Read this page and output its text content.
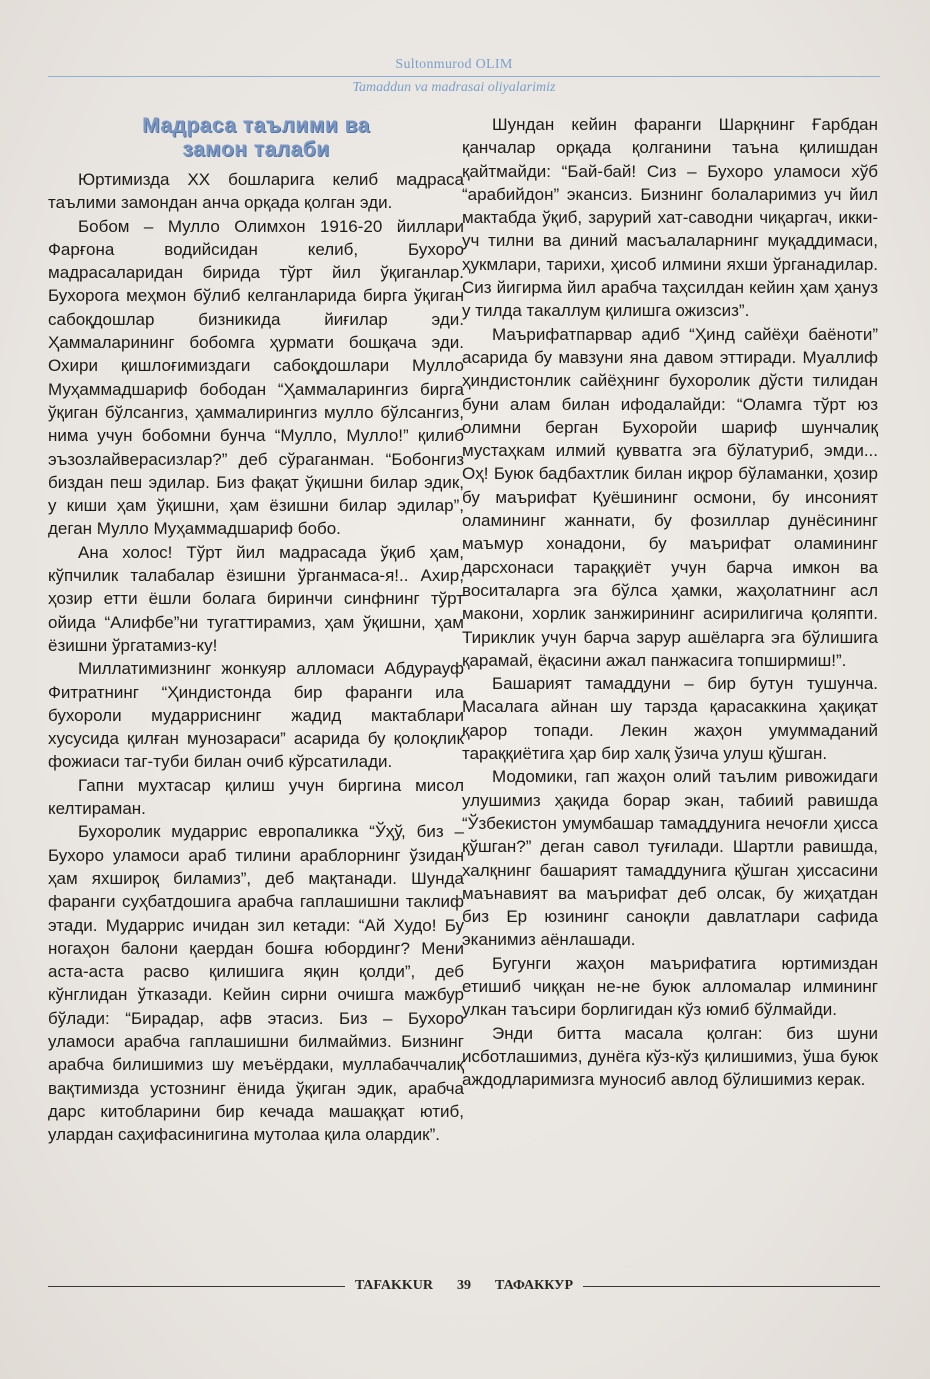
Sultonmurod OLIM
Tamaddun va madrasai oliyalarimiz
Мадраса таълими ва
замон талаби

Юртимизда XX бошларига келиб мадраса таълими замондан анча орқада қолган эди.

Бобом – Мулло Олимхон 1916-20 йиллари Фарғона водийсидан келиб, Бухоро мадрасаларидан бирида тўрт йил ўқиганлар. Бухорога меҳмон бўлиб келганларида бирга ўқиган сабоқдошлар бизникида йиғилар эди. Ҳаммаларининг бобомга ҳурмати бошқача эди. Охири қишлоғимиздаги сабоқдошлари Мулло Муҳаммадшариф бободан “Ҳаммаларингиз бирга ўқиган бўлсангиз, ҳаммалирингиз мулло бўлсангиз, нима учун бобомни бунча “Мулло, Мулло!” қилиб эъзозлайверасизлар?” деб сўраганман. “Бобонгиз биздан пеш эдилар. Биз фақат ўқишни билар эдик, у киши ҳам ўқишни, ҳам ёзишни билар эдилар”, деган Мулло Муҳаммадшариф бобо.

Ана холос! Тўрт йил мадрасада ўқиб ҳам, кўпчилик талабалар ёзишни ўрганмаса-я!.. Ахир, ҳозир етти ёшли болага биринчи синфнинг тўрт ойида “Алифбе”ни тугаттирамиз, ҳам ўқишни, ҳам ёзишни ўргатамиз-ку!

Миллатимизнинг жонкуяр алломаси Абдурауф Фитратнинг “Ҳиндистонда бир фаранги ила бухороли мударриснинг жадид мактаблари хусусида қилған мунозараси” асарида бу қолоқлик фожиаси таг-туби билан очиб кўрсатилади.

Гапни мухтасар қилиш учун биргина мисол келтираман.

Бухоролик мударрис европаликка “Ўҳў, биз – Бухоро уламоси араб тилини араблорнинг ўзидан ҳам яхшироқ биламиз”, деб мақтанади. Шунда фаранги суҳбатдошига арабча гаплашишни таклиф этади. Мударрис ичидан зил кетади: “Ай Худо! Бу ногаҳон балони қаердан бошға юбординг? Мени аста-аста расво қилишига яқин қолди”, деб кўнглидан ўтказади. Кейин сирни очишга мажбур бўлади: “Бирадар, афв этасиз. Биз – Бухоро уламоси арабча гаплашишни билмаймиз. Бизнинг арабча билишимиз шу меъёрдаки, муллабаччалиқ вақтимизда устознинг ёнида ўқиган эдик, арабча дарс китобларини бир кечада машаққат ютиб, улардан саҳифасинигина мутолаа қила олардик”.

Шундан кейин фаранги Шарқнинг Ғарбдан қанчалар орқада қолганини таъна қилишдан қайтмайди: “Бай-бай! Сиз – Бухоро уламоси хўб “арабийдон” экансиз. Бизнинг болаларимиз уч йил мактабда ўқиб, зарурий хат-саводни чиқаргач, икки-уч тилни ва диний масъалаларнинг муқаддимаси, ҳукмлари, тарихи, ҳисоб илмини яхши ўрганадилар. Сиз йигирма йил арабча таҳсилдан кейин ҳам ҳануз у тилда такаллум қилишга ожизсиз”.

Маърифатпарвар адиб “Ҳинд сайёҳи баёноти” асарида бу мавзуни яна давом эттиради. Муаллиф ҳиндистонлик сайёҳнинг бухоролик дўсти тилидан буни алам билан ифодалайди: “Оламга тўрт юз олимни берган Бухоройи шариф шунчалиқ мустаҳкам илмий қувватга эга бўлатуриб, эмди... Оҳ! Буюк бадбахтлик билан иқрор бўламанки, ҳозир бу маърифат Қуёшининг осмони, бу инсоният оламининг жаннати, бу фозиллар дунёсининг маъмур хонадони, бу маърифат оламининг дарсхонаси тараққиёт учун барча имкон ва воситаларга эга бўлса ҳамки, жаҳолатнинг асл макони, хорлик занжирининг асирилигича қоляпти. Тириклик учун барча зарур ашёларга эга бўлишига қарамай, ёқасини ажал панжасига топширмиш!”.

Башарият тамаддуни – бир бутун тушунча. Масалага айнан шу тарзда қарасаккина ҳақиқат қарор топади. Лекин жаҳон умуммаданий тараққиётига ҳар бир халқ ўзича улуш қўшган.

Модомики, гап жаҳон олий таълим ривожидаги улушимиз ҳақида борар экан, табиий равишда “Ўзбекистон умумбашар тамаддунига нечоғли ҳисса қўшган?” деган савол туғилади. Шартли равишда, халқнинг башарият тамаддунига қўшган ҳиссасини маънавият ва маърифат деб олсак, бу жиҳатдан биз Ер юзининг саноқли давлатлари сафида эканимиз аёнлашади.

Бугунги жаҳон маърифатига юртимиздан етишиб чиққан не-не буюк алломалар илмининг улкан таъсири борлигидан кўз юмиб бўлмайди.

Энди битта масала қолган: биз шуни исботлашимиз, дунёга кўз-кўз қилишимиз, ўша буюк аждодларимизга муносиб авлод бўлишимиз керак.

TAFAKKUR	39	ТАФАККУР
